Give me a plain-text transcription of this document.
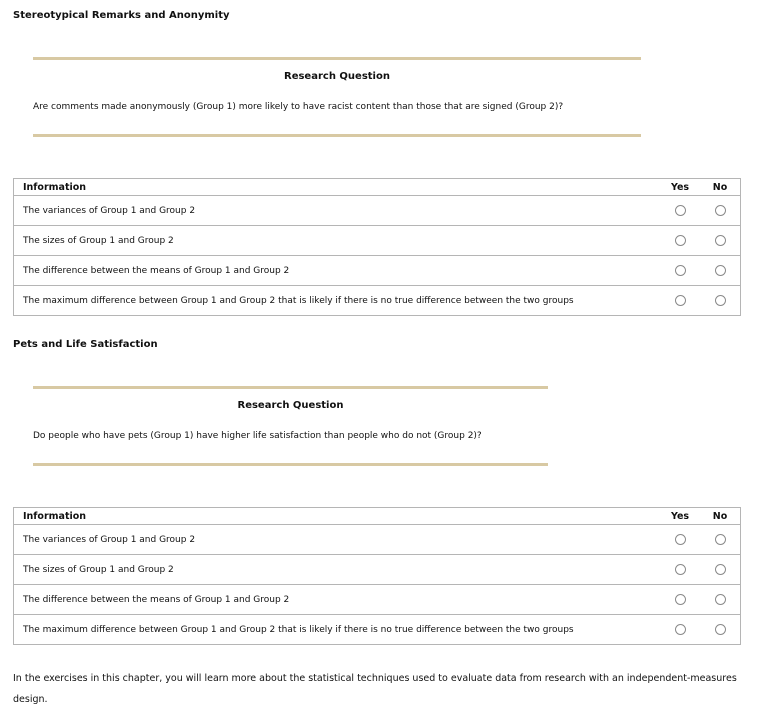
Stereotypical Remarks and Anonymity
Research Question
Are comments made anonymously (Group 1) more likely to have racist content than those that are signed (Group 2)?
Information	Yes	No
The variances of Group 1 and Group 2		
The sizes of Group 1 and Group 2		
The difference between the means of Group 1 and Group 2		
The maximum difference between Group 1 and Group 2 that is likely if there is no true difference between the two groups		
Pets and Life Satisfaction
Research Question
Do people who have pets (Group 1) have higher life satisfaction than people who do not (Group 2)?
Information	Yes	No
The variances of Group 1 and Group 2		
The sizes of Group 1 and Group 2		
The difference between the means of Group 1 and Group 2		
The maximum difference between Group 1 and Group 2 that is likely if there is no true difference between the two groups		

In the exercises in this chapter, you will learn more about the statistical techniques used to evaluate data from research with an independent-measures design.
